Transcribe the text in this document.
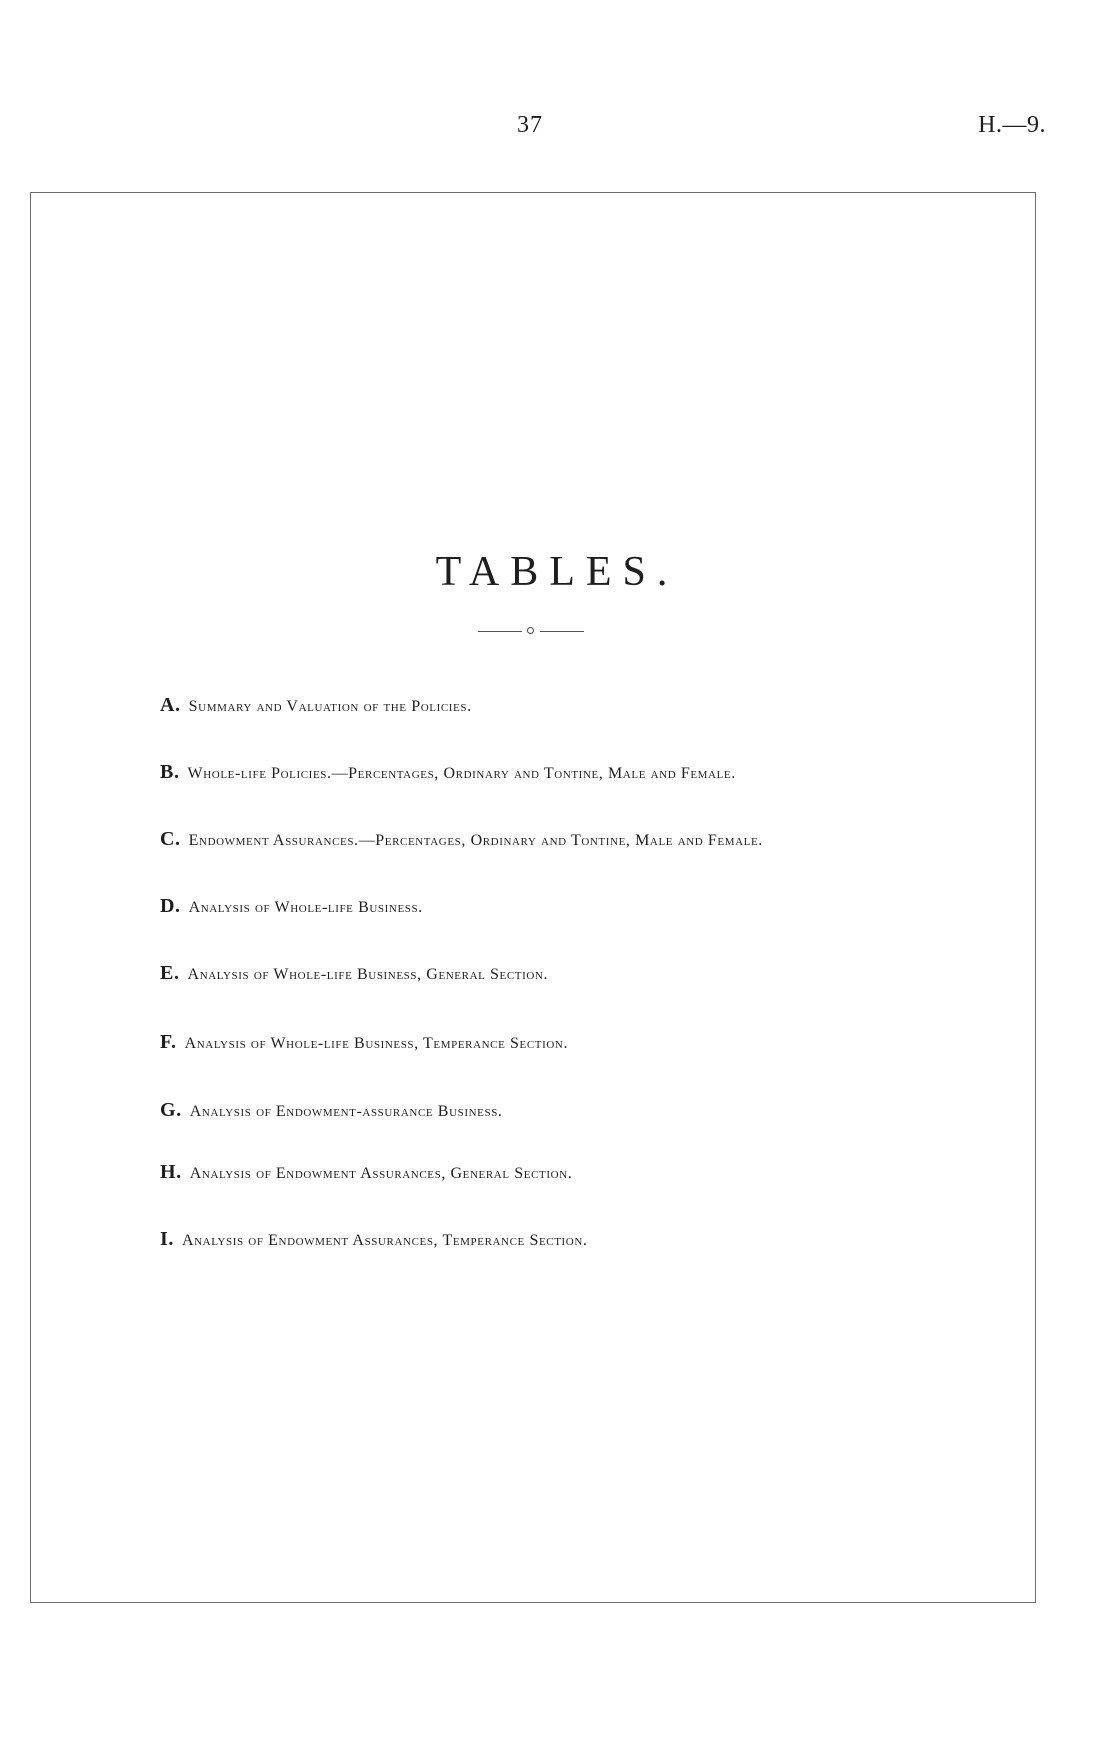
37	H.—9.
TABLES.
A. Summary and Valuation of the Policies.
B. Whole-life Policies.—Percentages, Ordinary and Tontine, Male and Female.
C. Endowment Assurances.—Percentages, Ordinary and Tontine, Male and Female.
D. Analysis of Whole-life Business.
E. Analysis of Whole-life Business, General Section.
F. Analysis of Whole-life Business, Temperance Section.
G. Analysis of Endowment-assurance Business.
H. Analysis of Endowment Assurances, General Section.
I. Analysis of Endowment Assurances, Temperance Section.
